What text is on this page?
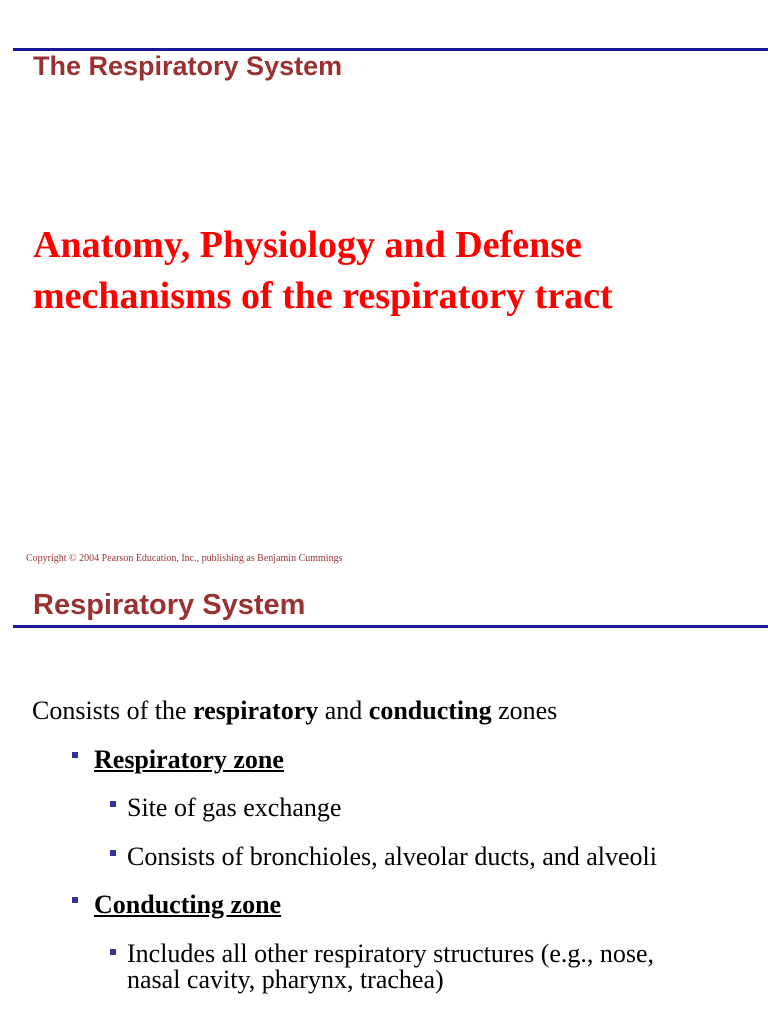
The Respiratory System
Anatomy, Physiology and Defense
mechanisms of the respiratory tract
Copyright © 2004 Pearson Education, Inc., publishing as Benjamin Cummings
Respiratory System
Consists of the respiratory and conducting zones
Respiratory zone
Site of gas exchange
Consists of bronchioles, alveolar ducts, and alveoli
Conducting zone
Includes all other respiratory structures (e.g., nose,
nasal cavity, pharynx, trachea)
